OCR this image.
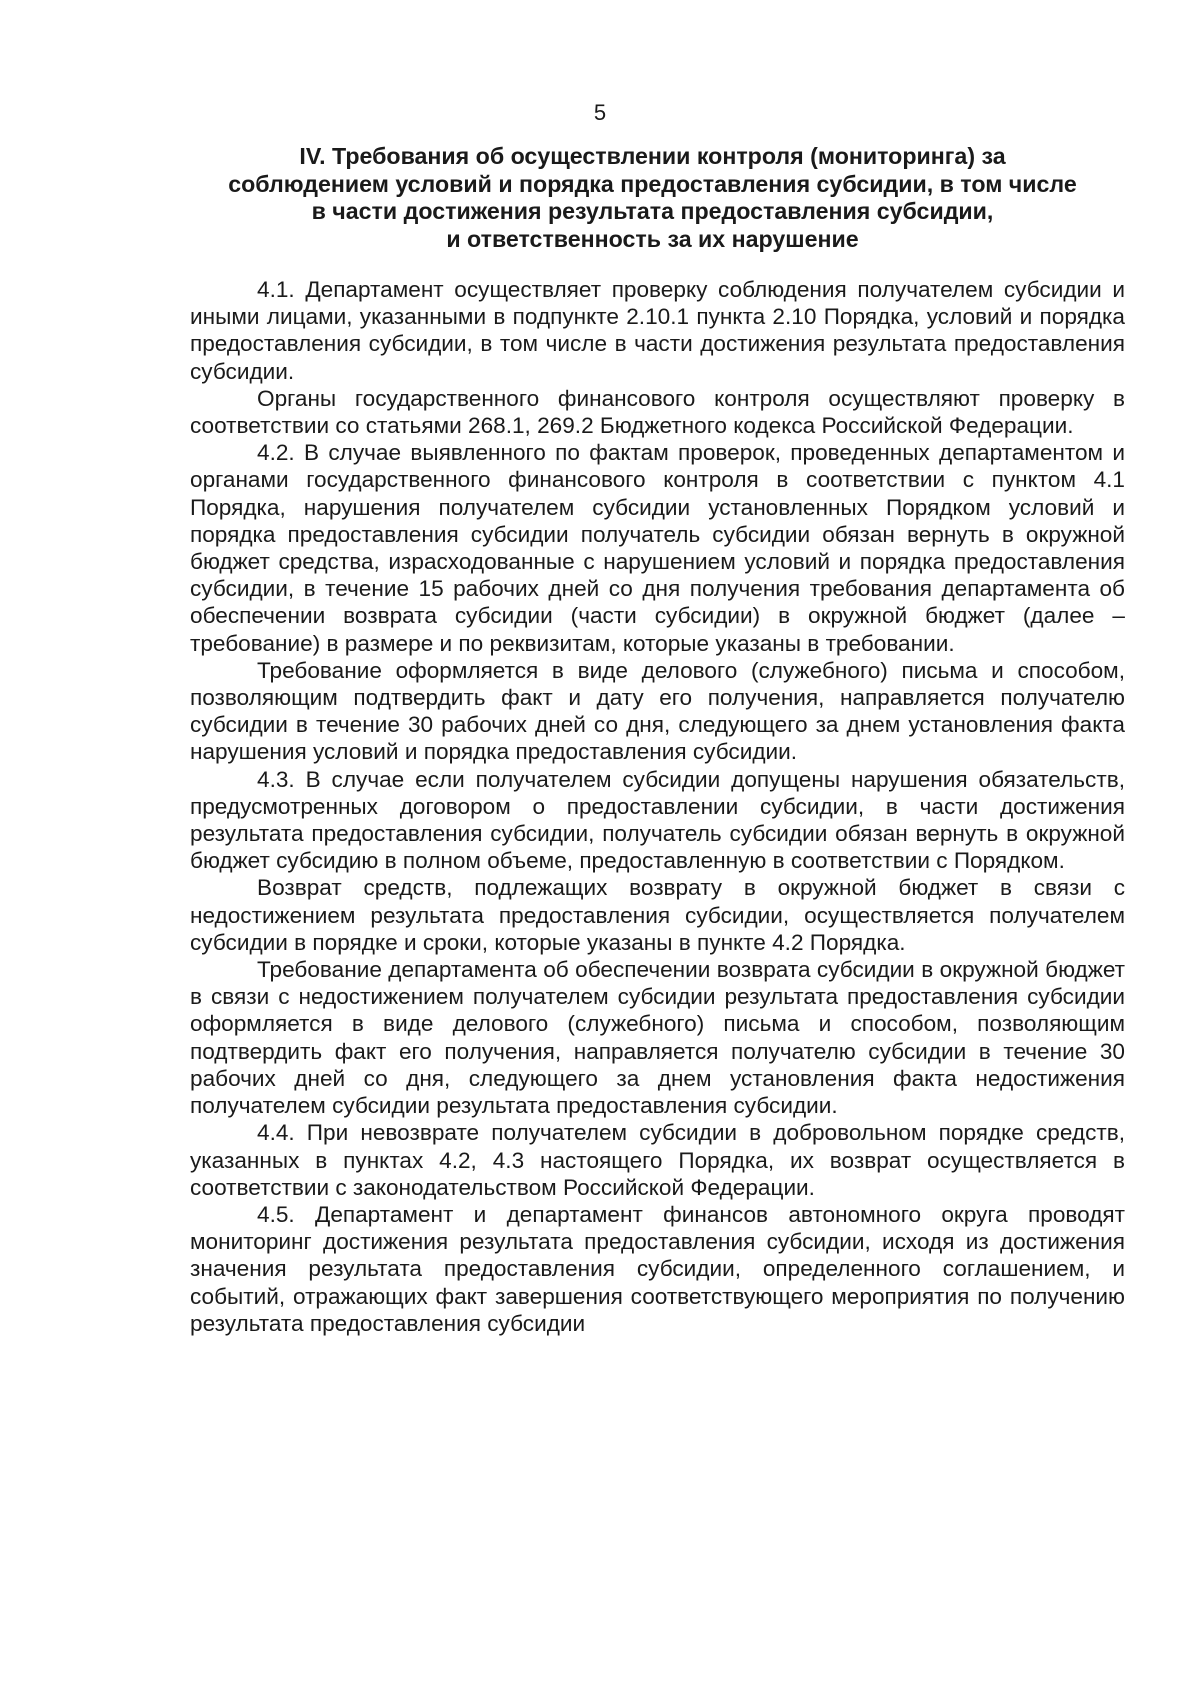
5
IV. Требования об осуществлении контроля (мониторинга) за
соблюдением условий и порядка предоставления субсидии, в том числе
в части достижения результата предоставления субсидии,
и ответственность за их нарушение

4.1. Департамент осуществляет проверку соблюдения получателем субсидии и иными лицами, указанными в подпункте 2.10.1 пункта 2.10 Порядка, условий и порядка предоставления субсидии, в том числе в части достижения результата предоставления субсидии.

Органы государственного финансового контроля осуществляют проверку в соответствии со статьями 268.1, 269.2 Бюджетного кодекса Российской Федерации.

4.2. В случае выявленного по фактам проверок, проведенных департаментом и органами государственного финансового контроля в соответствии с пунктом 4.1 Порядка, нарушения получателем субсидии установленных Порядком условий и порядка предоставления субсидии получатель субсидии обязан вернуть в окружной бюджет средства, израсходованные с нарушением условий и порядка предоставления субсидии, в течение 15 рабочих дней со дня получения требования департамента об обеспечении возврата субсидии (части субсидии) в окружной бюджет (далее – требование) в размере и по реквизитам, которые указаны в требовании.

Требование оформляется в виде делового (служебного) письма и способом, позволяющим подтвердить факт и дату его получения, направляется получателю субсидии в течение 30 рабочих дней со дня, следующего за днем установления факта нарушения условий и порядка предоставления субсидии.

4.3. В случае если получателем субсидии допущены нарушения обязательств, предусмотренных договором о предоставлении субсидии, в части достижения результата предоставления субсидии, получатель субсидии обязан вернуть в окружной бюджет субсидию в полном объеме, предоставленную в соответствии с Порядком.

Возврат средств, подлежащих возврату в окружной бюджет в связи с недостижением результата предоставления субсидии, осуществляется получателем субсидии в порядке и сроки, которые указаны в пункте 4.2 Порядка.

Требование департамента об обеспечении возврата субсидии в окружной бюджет в связи с недостижением получателем субсидии результата предоставления субсидии оформляется в виде делового (служебного) письма и способом, позволяющим подтвердить факт его получения, направляется получателю субсидии в течение 30 рабочих дней со дня, следующего за днем установления факта недостижения получателем субсидии результата предоставления субсидии.

4.4. При невозврате получателем субсидии в добровольном порядке средств, указанных в пунктах 4.2, 4.3 настоящего Порядка, их возврат осуществляется в соответствии с законодательством Российской Федерации.

4.5. Департамент и департамент финансов автономного округа проводят мониторинг достижения результата предоставления субсидии, исходя из достижения значения результата предоставления субсидии, определенного соглашением, и событий, отражающих факт завершения соответствующего мероприятия по получению результата предоставления субсидии
